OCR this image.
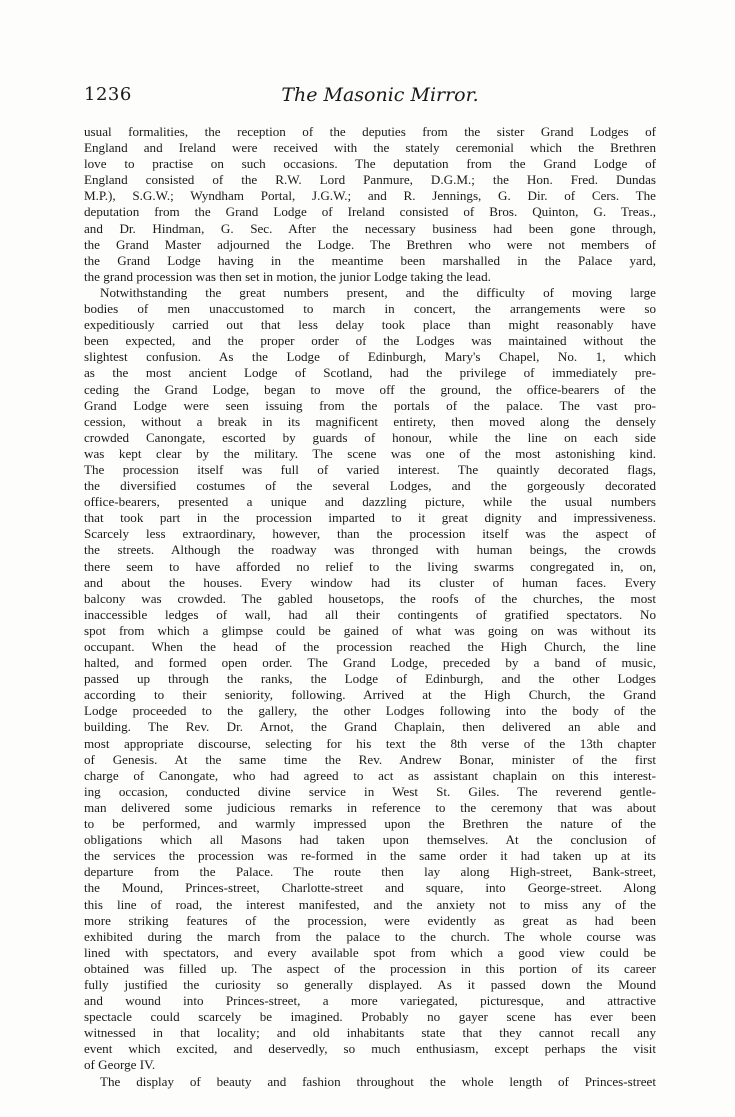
1236	The Masonic Mirror.
usual formalities, the reception of the deputies from the sister Grand Lodges of
England and Ireland were received with the stately ceremonial which the Brethren
love to practise on such occasions. The deputation from the Grand Lodge of
England consisted of the R.W. Lord Panmure, D.G.M.; the Hon. Fred. Dundas
M.P.), S.G.W.; Wyndham Portal, J.G.W.; and R. Jennings, G. Dir. of Cers. The
deputation from the Grand Lodge of Ireland consisted of Bros. Quinton, G. Treas.,
and Dr. Hindman, G. Sec. After the necessary business had been gone through,
the Grand Master adjourned the Lodge. The Brethren who were not members of
the Grand Lodge having in the meantime been marshalled in the Palace yard,
the grand procession was then set in motion, the junior Lodge taking the lead.
Notwithstanding the great numbers present, and the difficulty of moving large
bodies of men unaccustomed to march in concert, the arrangements were so
expeditiously carried out that less delay took place than might reasonably have
been expected, and the proper order of the Lodges was maintained without the
slightest confusion. As the Lodge of Edinburgh, Mary's Chapel, No. 1, which
as the most ancient Lodge of Scotland, had the privilege of immediately pre-
ceding the Grand Lodge, began to move off the ground, the office-bearers of the
Grand Lodge were seen issuing from the portals of the palace. The vast pro-
cession, without a break in its magnificent entirety, then moved along the densely
crowded Canongate, escorted by guards of honour, while the line on each side
was kept clear by the military. The scene was one of the most astonishing kind.
The procession itself was full of varied interest. The quaintly decorated flags,
the diversified costumes of the several Lodges, and the gorgeously decorated
office-bearers, presented a unique and dazzling picture, while the usual numbers
that took part in the procession imparted to it great dignity and impressiveness.
Scarcely less extraordinary, however, than the procession itself was the aspect of
the streets. Although the roadway was thronged with human beings, the crowds
there seem to have afforded no relief to the living swarms congregated in, on,
and about the houses. Every window had its cluster of human faces. Every
balcony was crowded. The gabled housetops, the roofs of the churches, the most
inaccessible ledges of wall, had all their contingents of gratified spectators. No
spot from which a glimpse could be gained of what was going on was without its
occupant. When the head of the procession reached the High Church, the line
halted, and formed open order. The Grand Lodge, preceded by a band of music,
passed up through the ranks, the Lodge of Edinburgh, and the other Lodges
according to their seniority, following. Arrived at the High Church, the Grand
Lodge proceeded to the gallery, the other Lodges following into the body of the
building. The Rev. Dr. Arnot, the Grand Chaplain, then delivered an able and
most appropriate discourse, selecting for his text the 8th verse of the 13th chapter
of Genesis. At the same time the Rev. Andrew Bonar, minister of the first
charge of Canongate, who had agreed to act as assistant chaplain on this interest-
ing occasion, conducted divine service in West St. Giles. The reverend gentle-
man delivered some judicious remarks in reference to the ceremony that was about
to be performed, and warmly impressed upon the Brethren the nature of the
obligations which all Masons had taken upon themselves. At the conclusion of
the services the procession was re-formed in the same order it had taken up at its
departure from the Palace. The route then lay along High-street, Bank-street,
the Mound, Princes-street, Charlotte-street and square, into George-street. Along
this line of road, the interest manifested, and the anxiety not to miss any of the
more striking features of the procession, were evidently as great as had been
exhibited during the march from the palace to the church. The whole course was
lined with spectators, and every available spot from which a good view could be
obtained was filled up. The aspect of the procession in this portion of its career
fully justified the curiosity so generally displayed. As it passed down the Mound
and wound into Princes-street, a more variegated, picturesque, and attractive
spectacle could scarcely be imagined. Probably no gayer scene has ever been
witnessed in that locality; and old inhabitants state that they cannot recall any
event which excited, and deservedly, so much enthusiasm, except perhaps the visit
of George IV.
The display of beauty and fashion throughout the whole length of Princes-street
